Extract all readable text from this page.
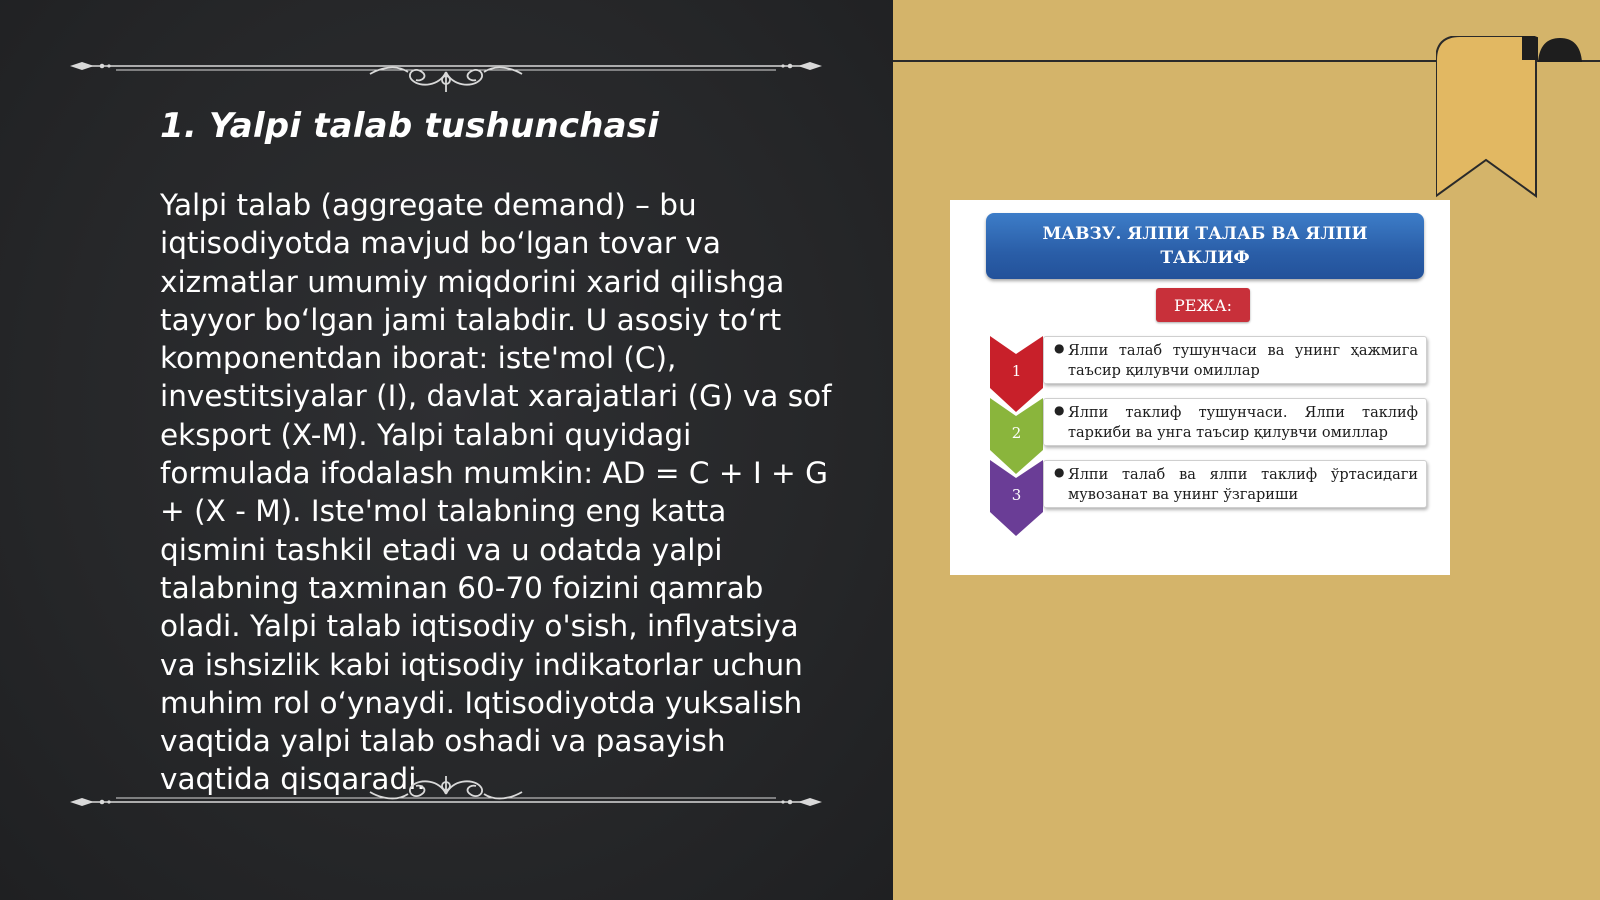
1. Yalpi talab tushunchasi

Yalpi talab (aggregate demand) – bu iqtisodiyotda mavjud bo‘lgan tovar va xizmatlar umumiy miqdorini xarid qilishga tayyor bo‘lgan jami talabdir. U asosiy to‘rt komponentdan iborat: iste'mol (C), investitsiyalar (I), davlat xarajatlari (G) va sof eksport (X-M). Yalpi talabni quyidagi formulada ifodalash mumkin: AD = C + I + G + (X - M). Iste'mol talabning eng katta qismini tashkil etadi va u odatda yalpi talabning taxminan 60-70 foizini qamrab oladi. Yalpi talab iqtisodiy o'sish, inflyatsiya va ishsizlik kabi iqtisodiy indikatorlar uchun muhim rol o‘ynaydi. Iqtisodiyotda yuksalish vaqtida yalpi talab oshadi va pasayish vaqtida qisqaradi.

МАВЗУ. ЯЛПИ ТАЛАБ ВА ЯЛПИ ТАКЛИФ
РЕЖА:
1
● Ялпи талаб тушунчаси ва унинг ҳажмига таъсир қилувчи омиллар
2
● Ялпи таклиф тушунчаси. Ялпи таклиф таркиби ва унга таъсир қилувчи омиллар
3
● Ялпи талаб ва ялпи таклиф ўртасидаги мувозанат ва унинг ўзгариши
